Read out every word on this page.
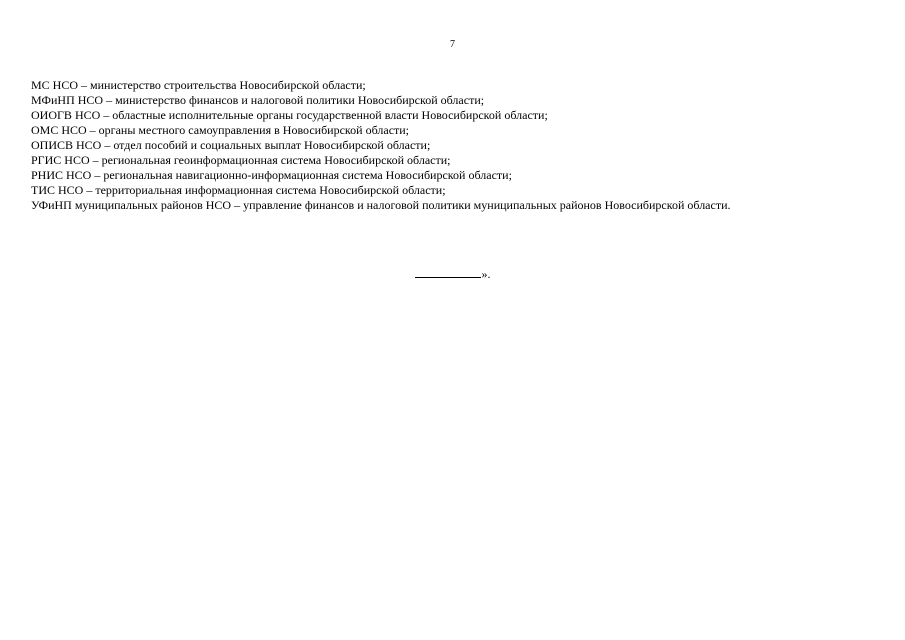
7
МС НСО – министерство строительства Новосибирской области;
МФиНП НСО – министерство финансов и налоговой политики Новосибирской области;
ОИОГВ НСО – областные исполнительные органы государственной власти Новосибирской области;
ОМС НСО – органы местного самоуправления в Новосибирской области;
ОПИСВ НСО – отдел пособий и социальных выплат Новосибирской области;
РГИС НСО – региональная геоинформационная система Новосибирской области;
РНИС НСО – региональная навигационно-информационная система Новосибирской области;
ТИС НСО – территориальная информационная система Новосибирской области;
УФиНП муниципальных районов НСО – управление финансов и налоговой политики муниципальных районов Новосибирской области.
».
